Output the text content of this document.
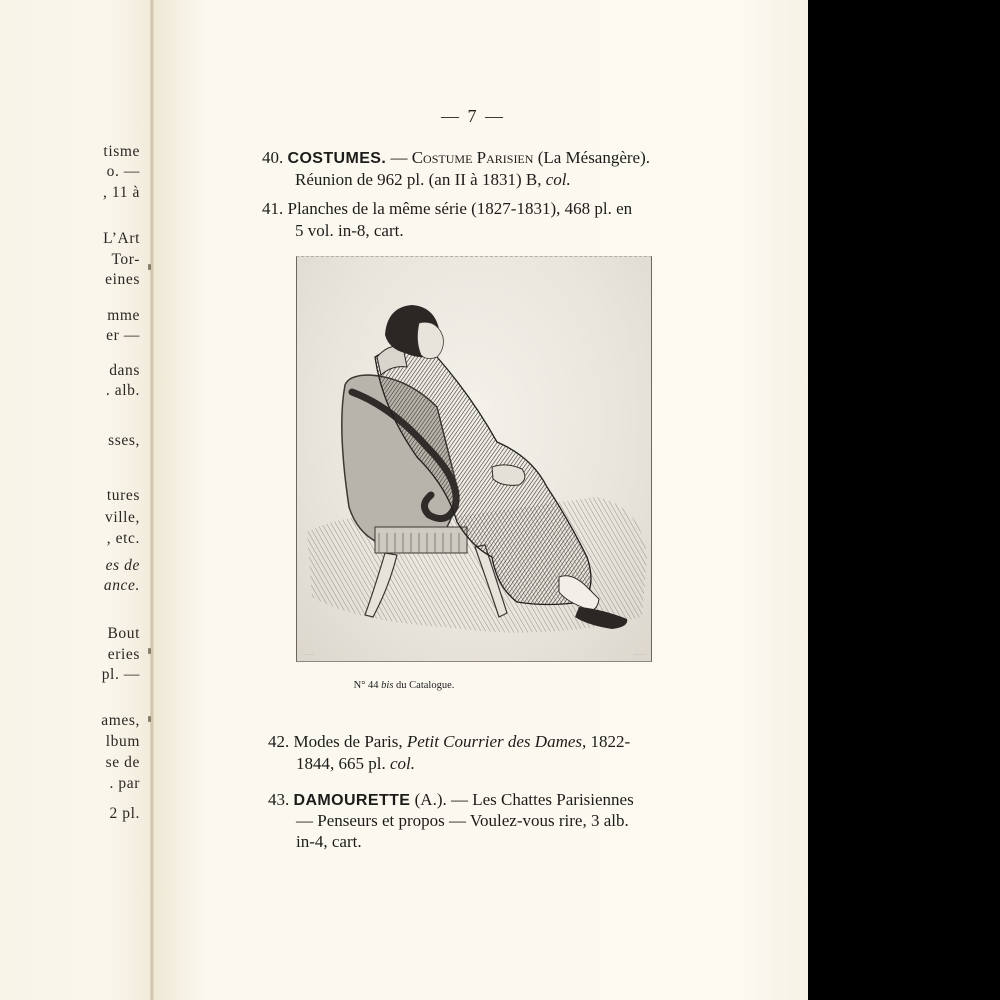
tisme
o. —
, 11 à
L’Art
Tor-
eines
mme
er —
dans
. alb.
sses,
tures
ville,
, etc.
es de
ance.
Bout
eries
pl. —
ames,
lbum
se de
. par
2 pl.
— 7 —
40. COSTUMES. — Costume Parisien (La Mésangère).
Réunion de 962 pl. (an II à 1831) B, col.
41. Planches de la même série (1827-1831), 468 pl. en
5 vol. in-8, cart.
·········	·········
N° 44 bis du Catalogue.
42. Modes de Paris, Petit Courrier des Dames, 1822-
1844, 665 pl. col.
43. DAMOURETTE (A.). — Les Chattes Parisiennes
— Penseurs et propos — Voulez-vous rire, 3 alb.
in-4, cart.
